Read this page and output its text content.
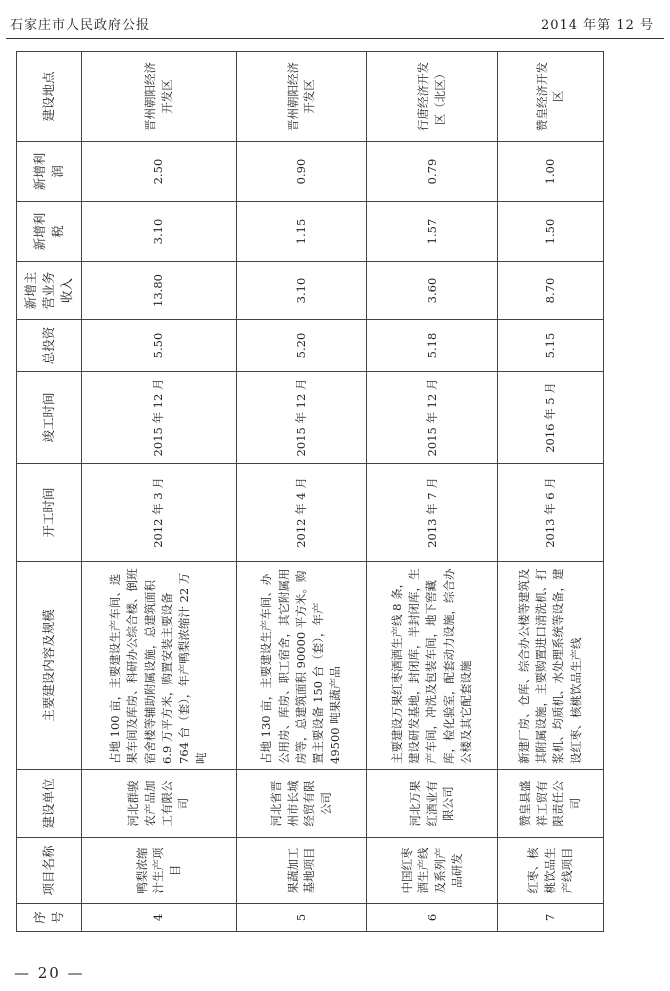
石家庄市人民政府公报	2014 年第 12 号
序号	项目名称	建设单位	主要建设内容及规模	开工时间	竣工时间	总投资	新增主营业务收入	新增利税	新增利润	建设地点
4	鸭梨浓缩汁生产项目	河北群骏农产品加工有限公司	占地 100 亩，主要建设生产车间、选果车间及库房、科研办公综合楼、倒班宿舍楼等辅助附属设施，总建筑面积 6.9 万平方米，购置安装主要设备 764 台（套），年产鸭梨浓缩汁 22 万吨	2012 年 3 月	2015 年 12 月	5.50	13.80	3.10	2.50	晋州朝阳经济开发区
5	果蔬加工基地项目	河北省晋州市长城经贸有限公司	占地 130 亩，主要建设生产车间、办公用房、库房、职工宿舍，其它附属用房等，总建筑面积 90000 平方米。购置主要设备 150 台（套），年产 49500 吨果蔬产品	2012 年 4 月	2015 年 12 月	5.20	3.10	1.15	0.90	晋州朝阳经济开发区
6	中国红枣酒生产线及系列产品研发	河北万果红酒业有限公司	主要建设万果红枣酒酒生产线 8 条，建设研发基地，封闭库，半封闭库，生产车间，冲洗及包装车间，地下窖藏库，检化验室，配套动力设施，综合办公楼及其它配套设施	2013 年 7 月	2015 年 12 月	5.18	3.60	1.57	0.79	行唐经济开发区（北区）
7	红枣、核桃饮品生产线项目	赞皇县盛祥工贸有限责任公司	新建厂房、仓库、综合办公楼等建筑及其附属设施，主要购置进口清洗机、打浆机、均质机、水处理系统等设备，建设红枣、核桃饮品生产线	2013 年 6 月	2016 年 5 月	5.15	8.70	1.50	1.00	赞皇经济开发区
— 20 —
